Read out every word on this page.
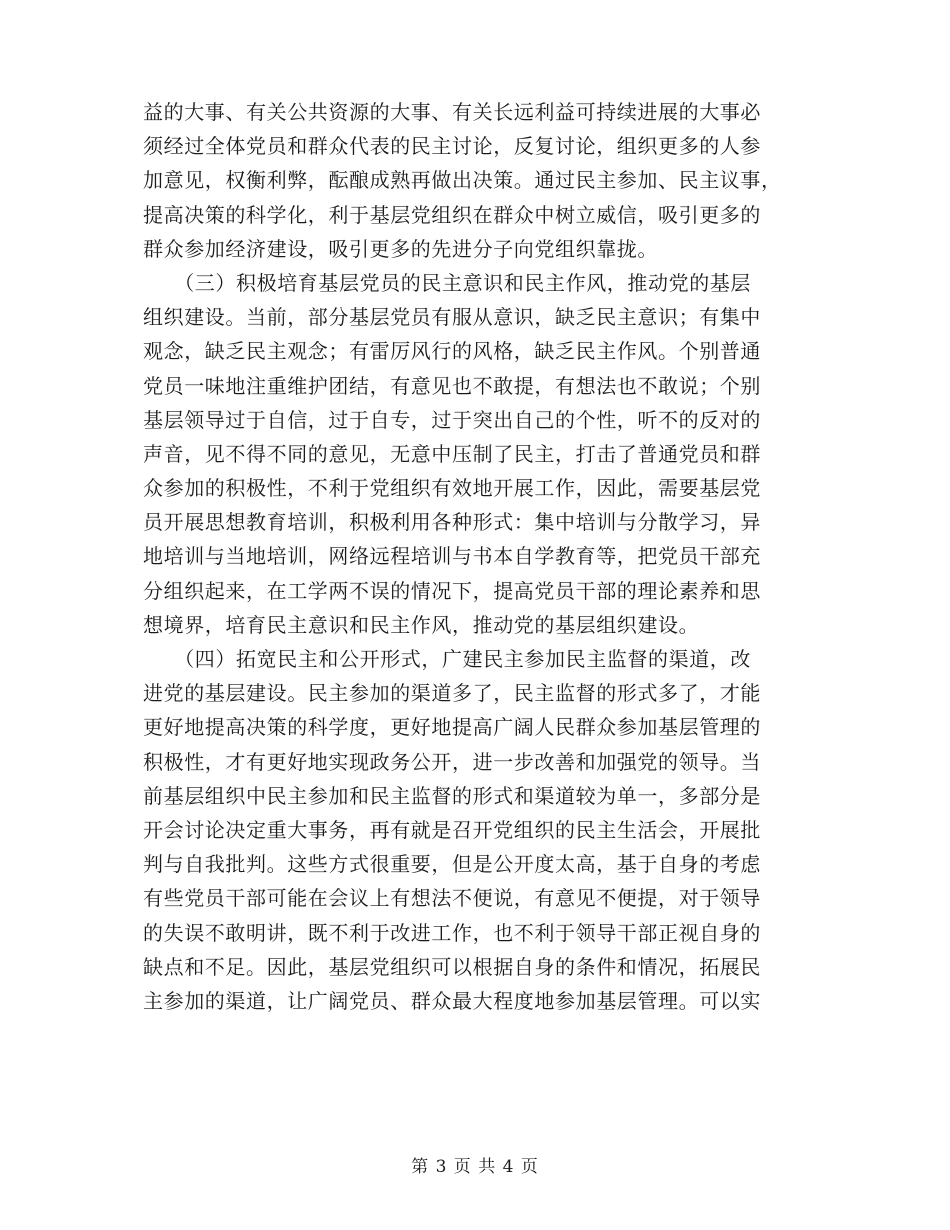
益的大事、有关公共资源的大事、有关长远利益可持续进展的大事必
须经过全体党员和群众代表的民主讨论，反复讨论，组织更多的人参
加意见，权衡利弊，酝酿成熟再做出决策。通过民主参加、民主议事，
提高决策的科学化，利于基层党组织在群众中树立威信，吸引更多的
群众参加经济建设，吸引更多的先进分子向党组织靠拢。
　　（三）积极培育基层党员的民主意识和民主作风，推动党的基层
组织建设。当前，部分基层党员有服从意识，缺乏民主意识；有集中
观念，缺乏民主观念；有雷厉风行的风格，缺乏民主作风。个别普通
党员一味地注重维护团结，有意见也不敢提，有想法也不敢说；个别
基层领导过于自信，过于自专，过于突出自己的个性，听不的反对的
声音，见不得不同的意见，无意中压制了民主，打击了普通党员和群
众参加的积极性，不利于党组织有效地开展工作，因此，需要基层党
员开展思想教育培训，积极利用各种形式：集中培训与分散学习，异
地培训与当地培训，网络远程培训与书本自学教育等，把党员干部充
分组织起来，在工学两不误的情况下，提高党员干部的理论素养和思
想境界，培育民主意识和民主作风，推动党的基层组织建设。
　　（四）拓宽民主和公开形式，广建民主参加民主监督的渠道，改
进党的基层建设。民主参加的渠道多了，民主监督的形式多了，才能
更好地提高决策的科学度，更好地提高广阔人民群众参加基层管理的
积极性，才有更好地实现政务公开，进一步改善和加强党的领导。当
前基层组织中民主参加和民主监督的形式和渠道较为单一，多部分是
开会讨论决定重大事务，再有就是召开党组织的民主生活会，开展批
判与自我批判。这些方式很重要，但是公开度太高，基于自身的考虑
有些党员干部可能在会议上有想法不便说，有意见不便提，对于领导
的失误不敢明讲，既不利于改进工作，也不利于领导干部正视自身的
缺点和不足。因此，基层党组织可以根据自身的条件和情况，拓展民
主参加的渠道，让广阔党员、群众最大程度地参加基层管理。可以实
第 3 页 共 4 页
